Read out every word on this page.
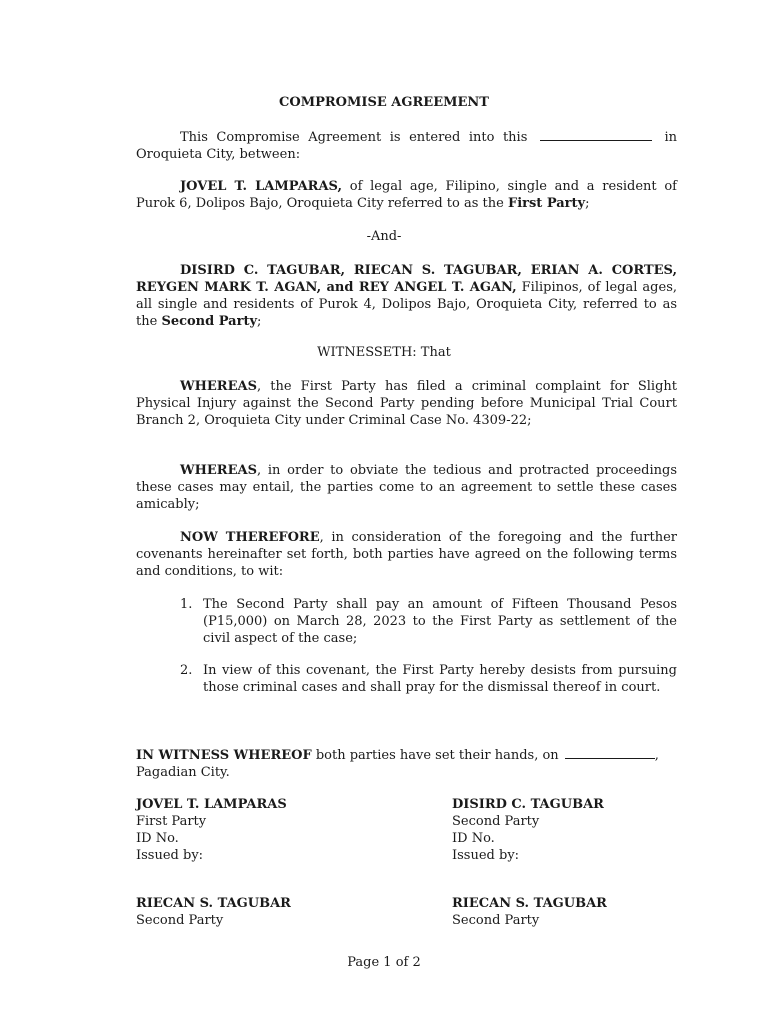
COMPROMISE AGREEMENT
This Compromise Agreement is entered into this	in Oroquieta City, between:
JOVEL T. LAMPARAS, of legal age, Filipino, single and a resident of Purok 6, Dolipos Bajo, Oroquieta City referred to as the First Party;
-And-
DISIRD C. TAGUBAR, RIECAN S. TAGUBAR, ERIAN A. CORTES, REYGEN MARK T. AGAN, and REY ANGEL T. AGAN, Filipinos, of legal ages, all single and residents of Purok 4, Dolipos Bajo, Oroquieta City, referred to as the Second Party;
WITNESSETH: That
WHEREAS, the First Party has filed a criminal complaint for Slight Physical Injury against the Second Party pending before Municipal Trial Court Branch 2, Oroquieta City under Criminal Case No. 4309-22;
WHEREAS, in order to obviate the tedious and protracted proceedings these cases may entail, the parties come to an agreement to settle these cases amicably;
NOW THEREFORE, in consideration of the foregoing and the further covenants hereinafter set forth, both parties have agreed on the following terms and conditions, to wit:
1. The Second Party shall pay an amount of Fifteen Thousand Pesos (P15,000) on March 28, 2023 to the First Party as settlement of the civil aspect of the case;
2. In view of this covenant, the First Party hereby desists from pursuing those criminal cases and shall pray for the dismissal thereof in court.
IN WITNESS WHEREOF both parties have set their hands, on	,
Pagadian City.
JOVEL T. LAMPARAS
First Party
ID No.
Issued by:
DISIRD C. TAGUBAR
Second Party
ID No.
Issued by:
RIECAN S. TAGUBAR
Second Party
RIECAN S. TAGUBAR
Second Party
Page 1 of 2
